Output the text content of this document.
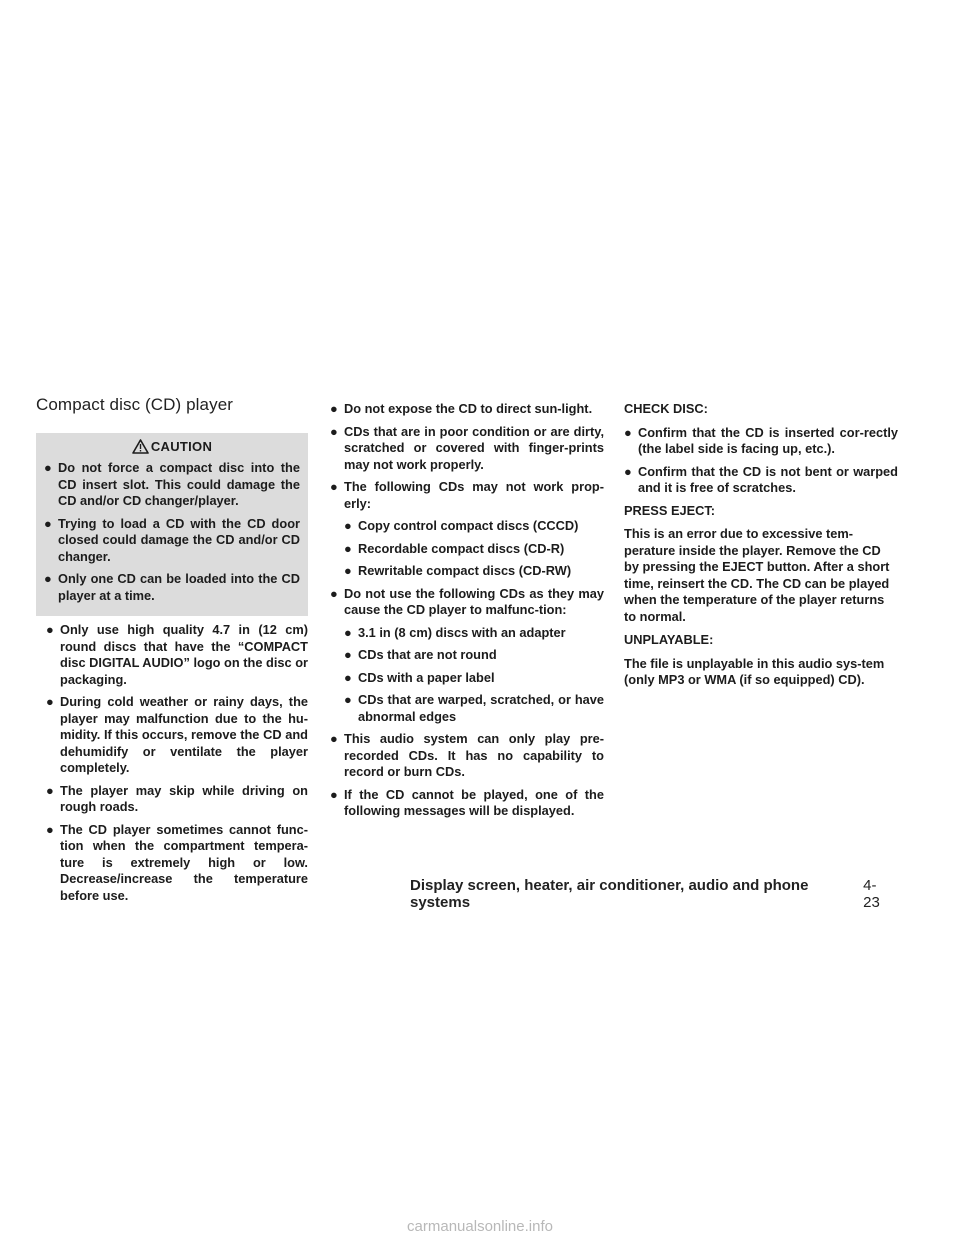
Compact disc (CD) player
CAUTION
● Do not force a compact disc into the CD insert slot. This could damage the CD and/or CD changer/player.
● Trying to load a CD with the CD door closed could damage the CD and/or CD changer.
● Only one CD can be loaded into the CD player at a time.
● Only use high quality 4.7 in (12 cm) round discs that have the “COMPACT disc DIGITAL AUDIO” logo on the disc or packaging.
● During cold weather or rainy days, the player may malfunction due to the hu-midity. If this occurs, remove the CD and dehumidify or ventilate the player completely.
● The player may skip while driving on rough roads.
● The CD player sometimes cannot func-tion when the compartment tempera-ture is extremely high or low. Decrease/increase the temperature before use.
● Do not expose the CD to direct sun-light.
● CDs that are in poor condition or are dirty, scratched or covered with finger-prints may not work properly.
● The following CDs may not work prop-erly:
● Copy control compact discs (CCCD)
● Recordable compact discs (CD-R)
● Rewritable compact discs (CD-RW)
● Do not use the following CDs as they may cause the CD player to malfunc-tion:
● 3.1 in (8 cm) discs with an adapter
● CDs that are not round
● CDs with a paper label
● CDs that are warped, scratched, or have abnormal edges
● This audio system can only play pre-recorded CDs. It has no capability to record or burn CDs.
● If the CD cannot be played, one of the following messages will be displayed.

CHECK DISC:

● Confirm that the CD is inserted cor-rectly (the label side is facing up, etc.).
● Confirm that the CD is not bent or warped and it is free of scratches.

PRESS EJECT:

This is an error due to excessive tem-perature inside the player. Remove the CD by pressing the EJECT button. After a short time, reinsert the CD. The CD can be played when the temperature of the player returns to normal.

UNPLAYABLE:

The file is unplayable in this audio sys-tem (only MP3 or WMA (if so equipped) CD).

Display screen, heater, air conditioner, audio and phone systems
4-23
carmanualsonline.info
